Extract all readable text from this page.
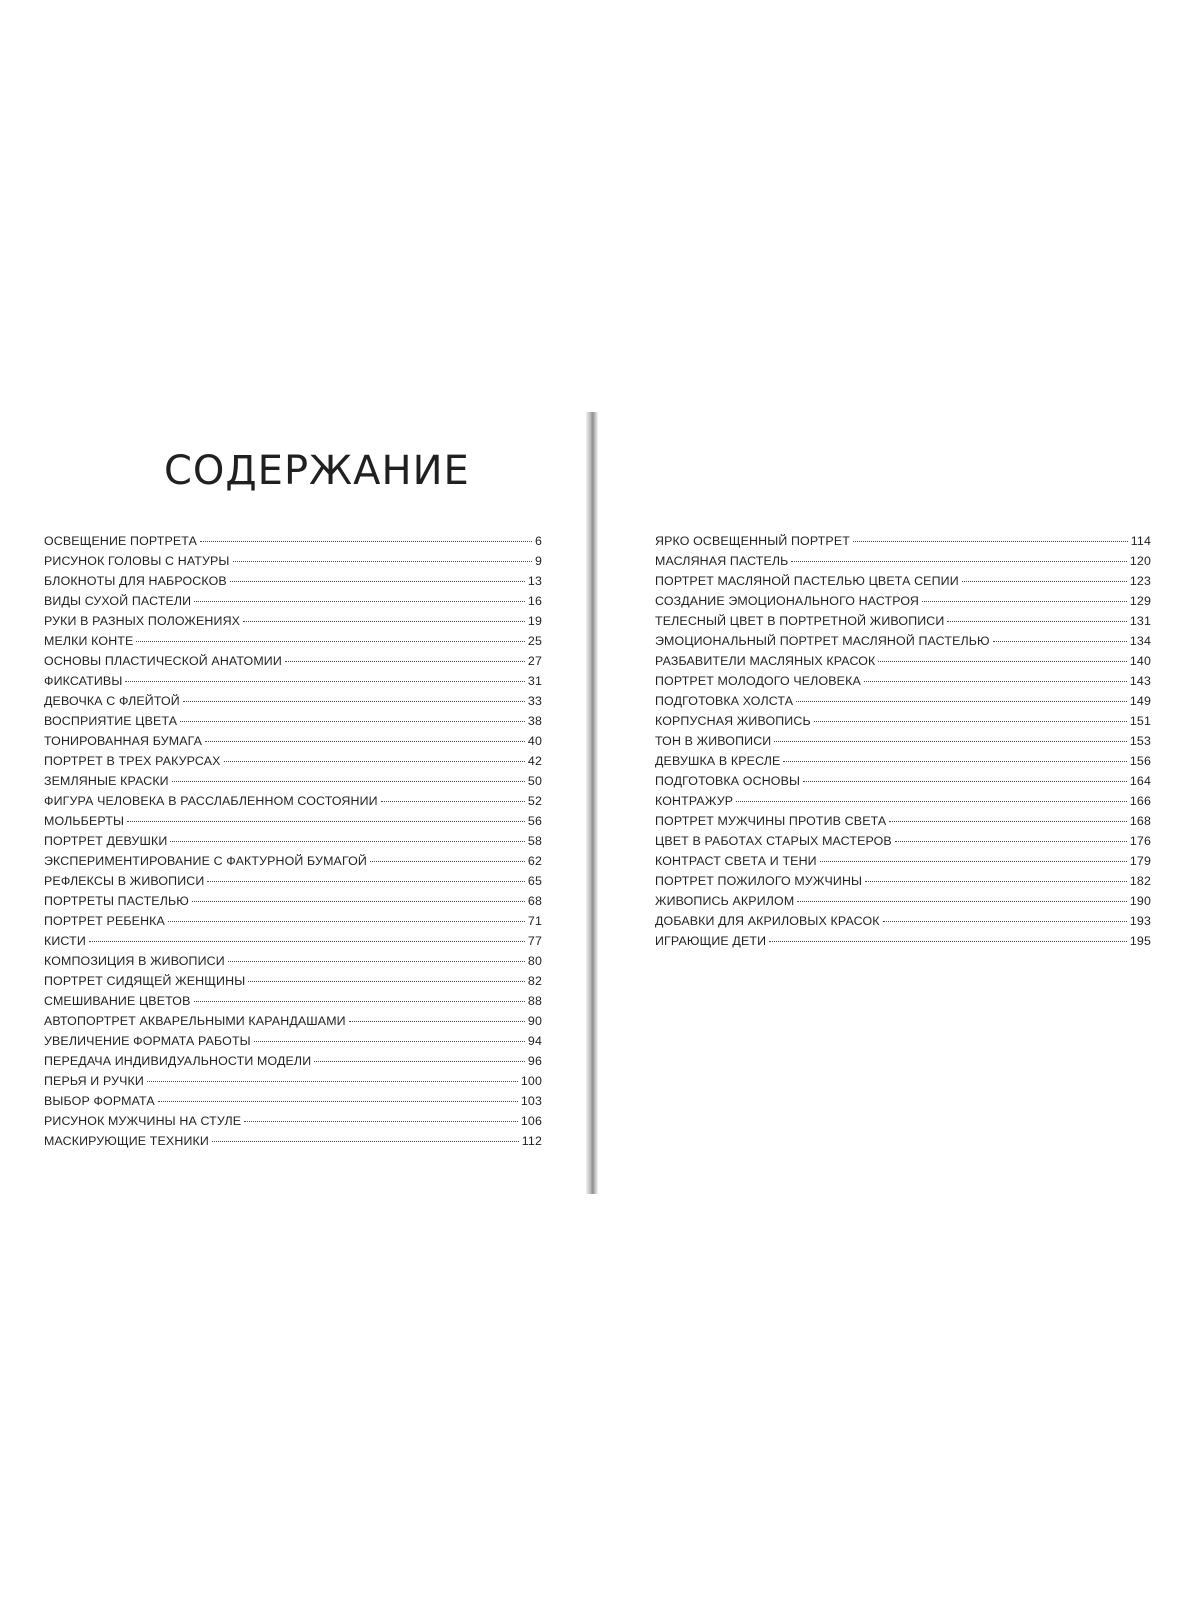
СОДЕРЖАНИЕ
ОСВЕЩЕНИЕ ПОРТРЕТА	6
РИСУНОК ГОЛОВЫ С НАТУРЫ	9
БЛОКНОТЫ ДЛЯ НАБРОСКОВ	13
ВИДЫ СУХОЙ ПАСТЕЛИ	16
РУКИ В РАЗНЫХ ПОЛОЖЕНИЯХ	19
МЕЛКИ КОНТЕ	25
ОСНОВЫ ПЛАСТИЧЕСКОЙ АНАТОМИИ	27
ФИКСАТИВЫ	31
ДЕВОЧКА С ФЛЕЙТОЙ	33
ВОСПРИЯТИЕ ЦВЕТА	38
ТОНИРОВАННАЯ БУМАГА	40
ПОРТРЕТ В ТРЕХ РАКУРСАХ	42
ЗЕМЛЯНЫЕ КРАСКИ	50
ФИГУРА ЧЕЛОВЕКА В РАССЛАБЛЕННОМ СОСТОЯНИИ	52
МОЛЬБЕРТЫ	56
ПОРТРЕТ ДЕВУШКИ	58
ЭКСПЕРИМЕНТИРОВАНИЕ С ФАКТУРНОЙ БУМАГОЙ	62
РЕФЛЕКСЫ В ЖИВОПИСИ	65
ПОРТРЕТЫ ПАСТЕЛЬЮ	68
ПОРТРЕТ РЕБЕНКА	71
КИСТИ	77
КОМПОЗИЦИЯ В ЖИВОПИСИ	80
ПОРТРЕТ СИДЯЩЕЙ ЖЕНЩИНЫ	82
СМЕШИВАНИЕ ЦВЕТОВ	88
АВТОПОРТРЕТ АКВАРЕЛЬНЫМИ КАРАНДАШАМИ	90
УВЕЛИЧЕНИЕ ФОРМАТА РАБОТЫ	94
ПЕРЕДАЧА ИНДИВИДУАЛЬНОСТИ МОДЕЛИ	96
ПЕРЬЯ И РУЧКИ	100
ВЫБОР ФОРМАТА	103
РИСУНОК МУЖЧИНЫ НА СТУЛЕ	106
МАСКИРУЮЩИЕ ТЕХНИКИ	112
ЯРКО ОСВЕЩЕННЫЙ ПОРТРЕТ	114
МАСЛЯНАЯ ПАСТЕЛЬ	120
ПОРТРЕТ МАСЛЯНОЙ ПАСТЕЛЬЮ ЦВЕТА СЕПИИ	123
СОЗДАНИЕ ЭМОЦИОНАЛЬНОГО НАСТРОЯ	129
ТЕЛЕСНЫЙ ЦВЕТ В ПОРТРЕТНОЙ ЖИВОПИСИ	131
ЭМОЦИОНАЛЬНЫЙ ПОРТРЕТ МАСЛЯНОЙ ПАСТЕЛЬЮ	134
РАЗБАВИТЕЛИ МАСЛЯНЫХ КРАСОК	140
ПОРТРЕТ МОЛОДОГО ЧЕЛОВЕКА	143
ПОДГОТОВКА ХОЛСТА	149
КОРПУСНАЯ ЖИВОПИСЬ	151
ТОН В ЖИВОПИСИ	153
ДЕВУШКА В КРЕСЛЕ	156
ПОДГОТОВКА ОСНОВЫ	164
КОНТРАЖУР	166
ПОРТРЕТ МУЖЧИНЫ ПРОТИВ СВЕТА	168
ЦВЕТ В РАБОТАХ СТАРЫХ МАСТЕРОВ	176
КОНТРАСТ СВЕТА И ТЕНИ	179
ПОРТРЕТ ПОЖИЛОГО МУЖЧИНЫ	182
ЖИВОПИСЬ АКРИЛОМ	190
ДОБАВКИ ДЛЯ АКРИЛОВЫХ КРАСОК	193
ИГРАЮЩИЕ ДЕТИ	195
